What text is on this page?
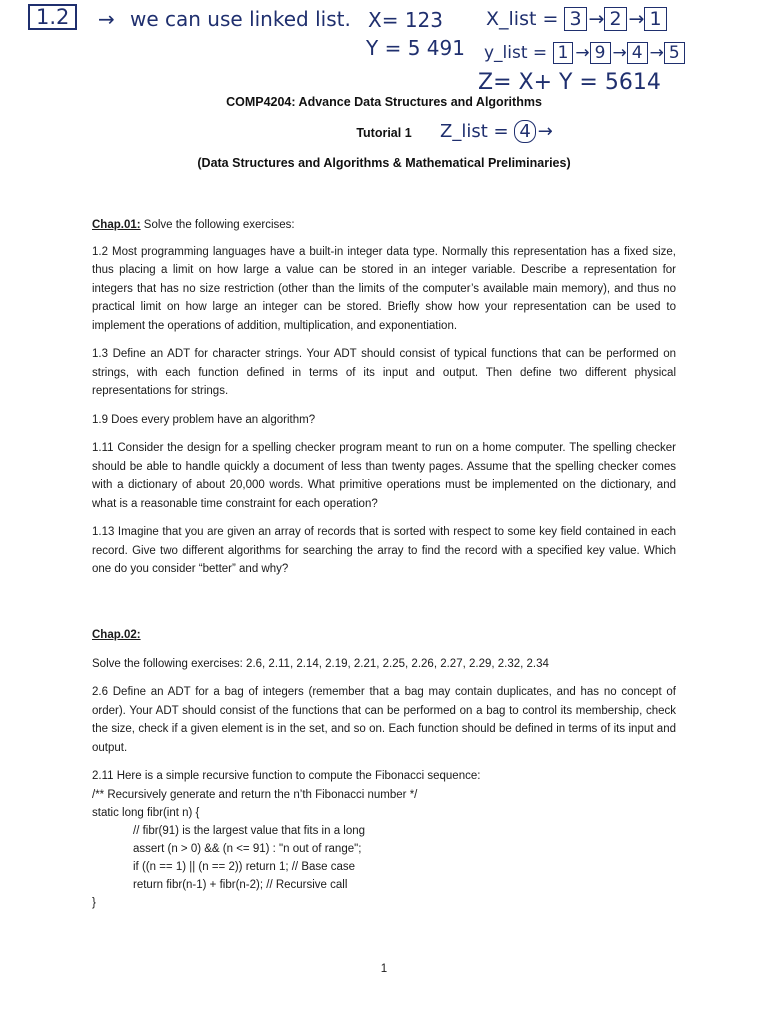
1.2	→ we can use linked list. X= 123
Y = 5 491
X_list = 3 → 2 → 1
y_list = 1 → 9 → 4 → 5
Z= X+ Y = 5614
Z_list = 4 →
COMP4204: Advance Data Structures and Algorithms
Tutorial 1
(Data Structures and Algorithms & Mathematical Preliminaries)

Chap.01: Solve the following exercises:

1.2 Most programming languages have a built-in integer data type. Normally this representation has a fixed size, thus placing a limit on how large a value can be stored in an integer variable. Describe a representation for integers that has no size restriction (other than the limits of the computer’s available main memory), and thus no practical limit on how large an integer can be stored. Briefly show how your representation can be used to implement the operations of addition, multiplication, and exponentiation.

1.3 Define an ADT for character strings. Your ADT should consist of typical functions that can be performed on strings, with each function defined in terms of its input and output. Then define two different physical representations for strings.

1.9 Does every problem have an algorithm?

1.11 Consider the design for a spelling checker program meant to run on a home computer. The spelling checker should be able to handle quickly a document of less than twenty pages. Assume that the spelling checker comes with a dictionary of about 20,000 words. What primitive operations must be implemented on the dictionary, and what is a reasonable time constraint for each operation?

1.13 Imagine that you are given an array of records that is sorted with respect to some key field contained in each record. Give two different algorithms for searching the array to find the record with a specified key value. Which one do you consider “better” and why?

Chap.02:

Solve the following exercises: 2.6, 2.11, 2.14, 2.19, 2.21, 2.25, 2.26, 2.27, 2.29, 2.32, 2.34

2.6 Define an ADT for a bag of integers (remember that a bag may contain duplicates, and has no concept of order). Your ADT should consist of the functions that can be performed on a bag to control its membership, check the size, check if a given element is in the set, and so on. Each function should be defined in terms of its input and output.

2.11 Here is a simple recursive function to compute the Fibonacci sequence:

/** Recursively generate and return the n’th Fibonacci number */
static long fibr(int n) {
// fibr(91) is the largest value that fits in a long
assert (n > 0) && (n <= 91) : "n out of range";
if ((n == 1) || (n == 2)) return 1; // Base case
return fibr(n-1) + fibr(n-2); // Recursive call
}
1
